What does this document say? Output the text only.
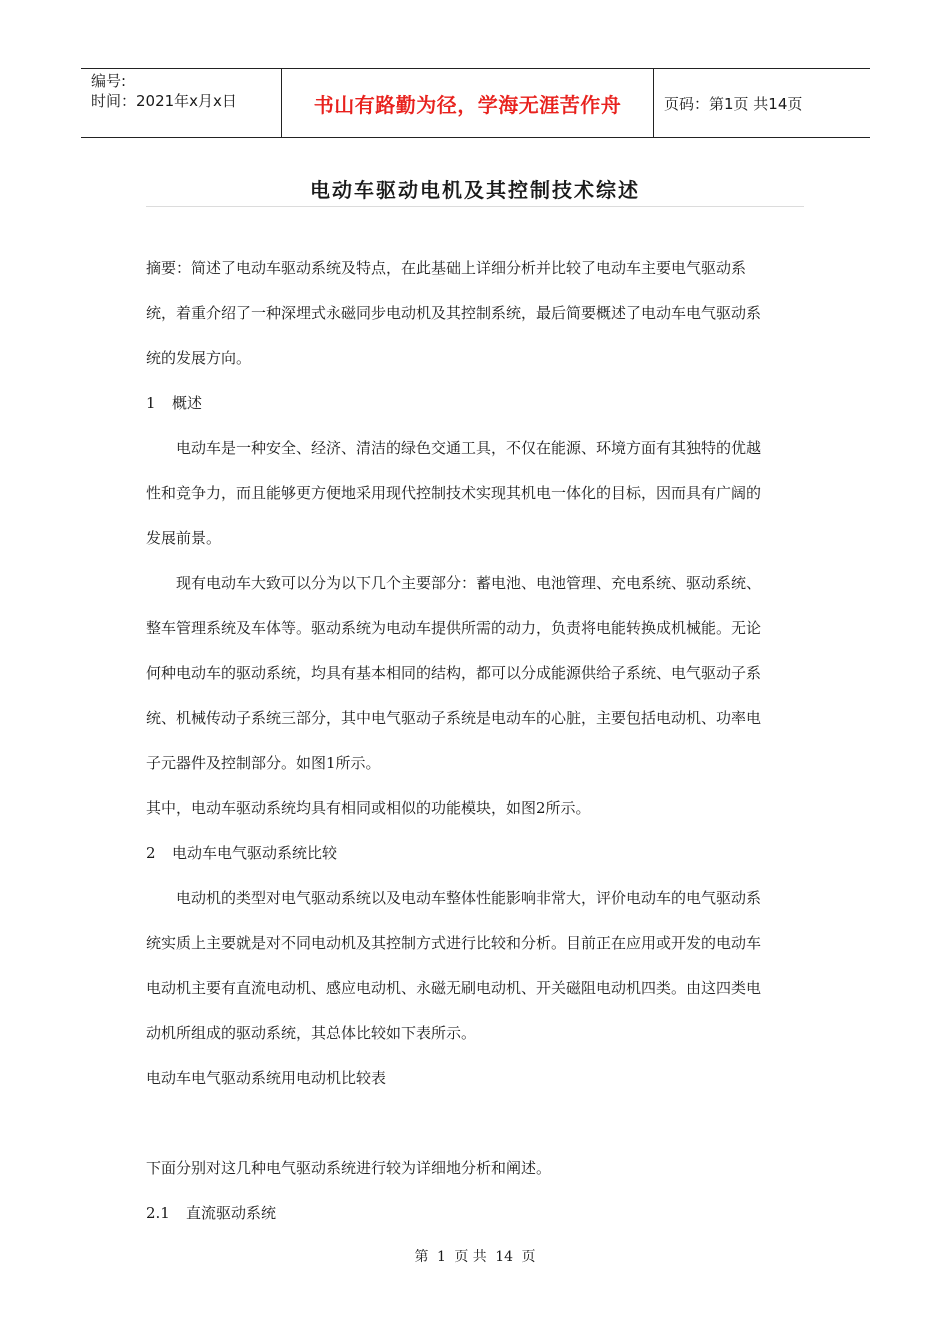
编号:
时间：2021年x月x日	书山有路勤为径，学海无涯苦作舟	页码：第1页 共14页
电动车驱动电机及其控制技术综述

摘要：简述了电动车驱动系统及特点，在此基础上详细分析并比较了电动车主要电气驱动系

统，着重介绍了一种深埋式永磁同步电动机及其控制系统，最后简要概述了电动车电气驱动系

统的发展方向。

1 概述

电动车是一种安全、经济、清洁的绿色交通工具，不仅在能源、环境方面有其独特的优越

性和竞争力，而且能够更方便地采用现代控制技术实现其机电一体化的目标，因而具有广阔的

发展前景。

现有电动车大致可以分为以下几个主要部分：蓄电池、电池管理、充电系统、驱动系统、

整车管理系统及车体等。驱动系统为电动车提供所需的动力，负责将电能转换成机械能。无论

何种电动车的驱动系统，均具有基本相同的结构，都可以分成能源供给子系统、电气驱动子系

统、机械传动子系统三部分，其中电气驱动子系统是电动车的心脏，主要包括电动机、功率电

子元器件及控制部分。如图1所示。

其中，电动车驱动系统均具有相同或相似的功能模块，如图2所示。

2 电动车电气驱动系统比较

电动机的类型对电气驱动系统以及电动车整体性能影响非常大，评价电动车的电气驱动系

统实质上主要就是对不同电动机及其控制方式进行比较和分析。目前正在应用或开发的电动车

电动机主要有直流电动机、感应电动机、永磁无刷电动机、开关磁阻电动机四类。由这四类电

动机所组成的驱动系统，其总体比较如下表所示。

电动车电气驱动系统用电动机比较表

下面分别对这几种电气驱动系统进行较为详细地分析和阐述。

2.1 直流驱动系统

第 1 页 共 14 页
